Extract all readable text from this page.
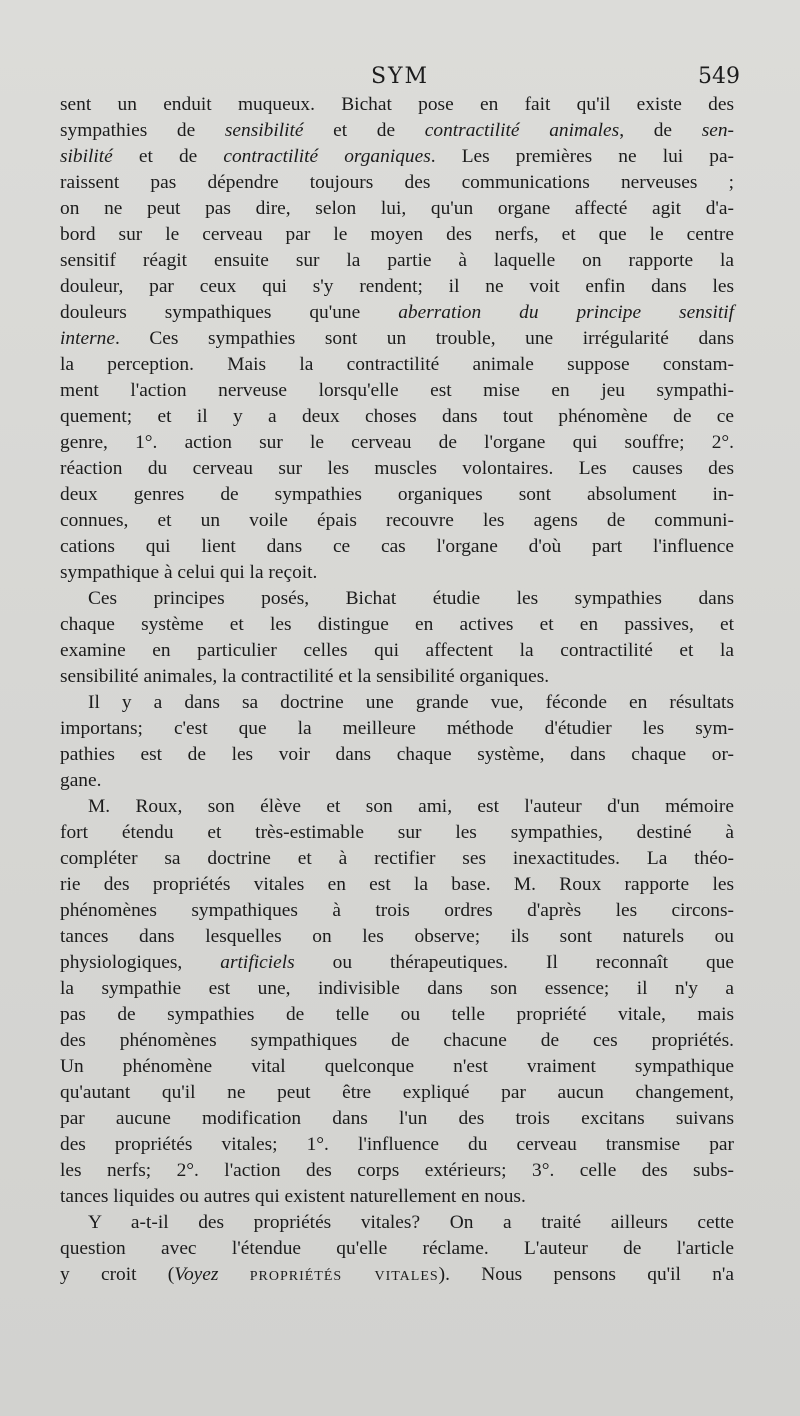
SYM	549
sent un enduit muqueux. Bichat pose en fait qu'il existe des
sympathies de sensibilité et de contractilité animales, de sen-
sibilité et de contractilité organiques. Les premières ne lui pa-
raissent pas dépendre toujours des communications nerveuses ;
on ne peut pas dire, selon lui, qu'un organe affecté agit d'a-
bord sur le cerveau par le moyen des nerfs, et que le centre
sensitif réagit ensuite sur la partie à laquelle on rapporte la
douleur, par ceux qui s'y rendent; il ne voit enfin dans les
douleurs sympathiques qu'une aberration du principe sensitif
interne. Ces sympathies sont un trouble, une irrégularité dans
la perception. Mais la contractilité animale suppose constam-
ment l'action nerveuse lorsqu'elle est mise en jeu sympathi-
quement; et il y a deux choses dans tout phénomène de ce
genre, 1°. action sur le cerveau de l'organe qui souffre; 2°.
réaction du cerveau sur les muscles volontaires. Les causes des
deux genres de sympathies organiques sont absolument in-
connues, et un voile épais recouvre les agens de communi-
cations qui lient dans ce cas l'organe d'où part l'influence
sympathique à celui qui la reçoit.
Ces principes posés, Bichat étudie les sympathies dans
chaque système et les distingue en actives et en passives, et
examine en particulier celles qui affectent la contractilité et la
sensibilité animales, la contractilité et la sensibilité organiques.
Il y a dans sa doctrine une grande vue, féconde en résultats
importans; c'est que la meilleure méthode d'étudier les sym-
pathies est de les voir dans chaque système, dans chaque or-
gane.
M. Roux, son élève et son ami, est l'auteur d'un mémoire
fort étendu et très-estimable sur les sympathies, destiné à
compléter sa doctrine et à rectifier ses inexactitudes. La théo-
rie des propriétés vitales en est la base. M. Roux rapporte les
phénomènes sympathiques à trois ordres d'après les circons-
tances dans lesquelles on les observe; ils sont naturels ou
physiologiques, artificiels ou thérapeutiques. Il reconnaît que
la sympathie est une, indivisible dans son essence; il n'y a
pas de sympathies de telle ou telle propriété vitale, mais
des phénomènes sympathiques de chacune de ces propriétés.
Un phénomène vital quelconque n'est vraiment sympathique
qu'autant qu'il ne peut être expliqué par aucun changement,
par aucune modification dans l'un des trois excitans suivans
des propriétés vitales; 1°. l'influence du cerveau transmise par
les nerfs; 2°. l'action des corps extérieurs; 3°. celle des subs-
tances liquides ou autres qui existent naturellement en nous.
Y a-t-il des propriétés vitales? On a traité ailleurs cette
question avec l'étendue qu'elle réclame. L'auteur de l'article
y croit (Voyez propriétés vitales). Nous pensons qu'il n'a
